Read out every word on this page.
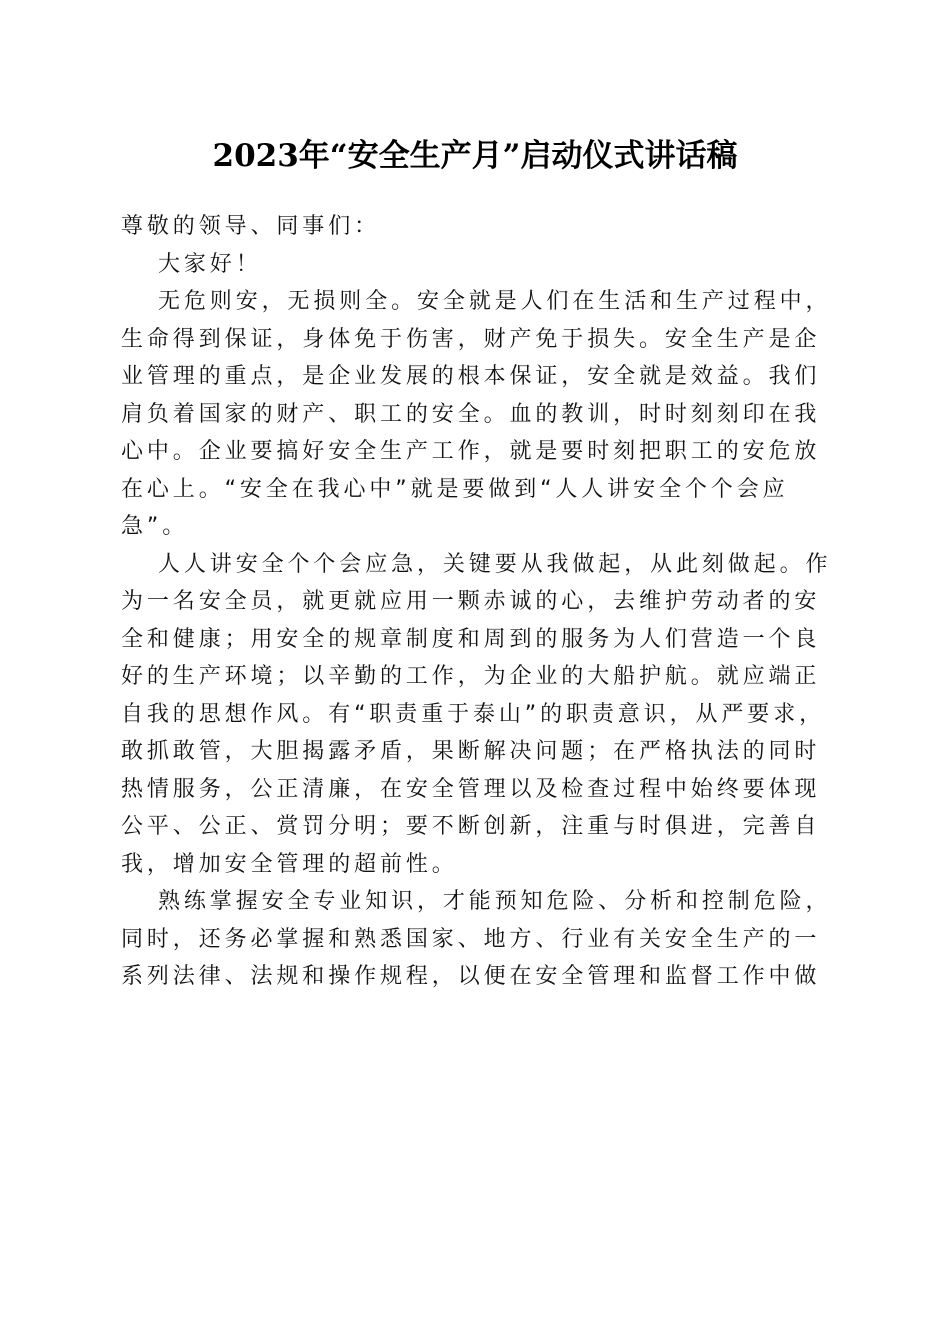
2023年“安全生产月”启动仪式讲话稿
尊敬的领导、同事们：
大家好！
无危则安，无损则全。安全就是人们在生活和生产过程中，
生命得到保证，身体免于伤害，财产免于损失。安全生产是企
业管理的重点，是企业发展的根本保证，安全就是效益。我们
肩负着国家的财产、职工的安全。血的教训，时时刻刻印在我
心中。企业要搞好安全生产工作，就是要时刻把职工的安危放
在心上。“安全在我心中”就是要做到“人人讲安全个个会应
急”。
人人讲安全个个会应急，关键要从我做起，从此刻做起。作
为一名安全员，就更就应用一颗赤诚的心，去维护劳动者的安
全和健康；用安全的规章制度和周到的服务为人们营造一个良
好的生产环境；以辛勤的工作，为企业的大船护航。就应端正
自我的思想作风。有“职责重于泰山”的职责意识，从严要求，
敢抓敢管，大胆揭露矛盾，果断解决问题；在严格执法的同时
热情服务，公正清廉，在安全管理以及检查过程中始终要体现
公平、公正、赏罚分明；要不断创新，注重与时俱进，完善自
我，增加安全管理的超前性。
熟练掌握安全专业知识，才能预知危险、分析和控制危险，
同时，还务必掌握和熟悉国家、地方、行业有关安全生产的一
系列法律、法规和操作规程，以便在安全管理和监督工作中做
